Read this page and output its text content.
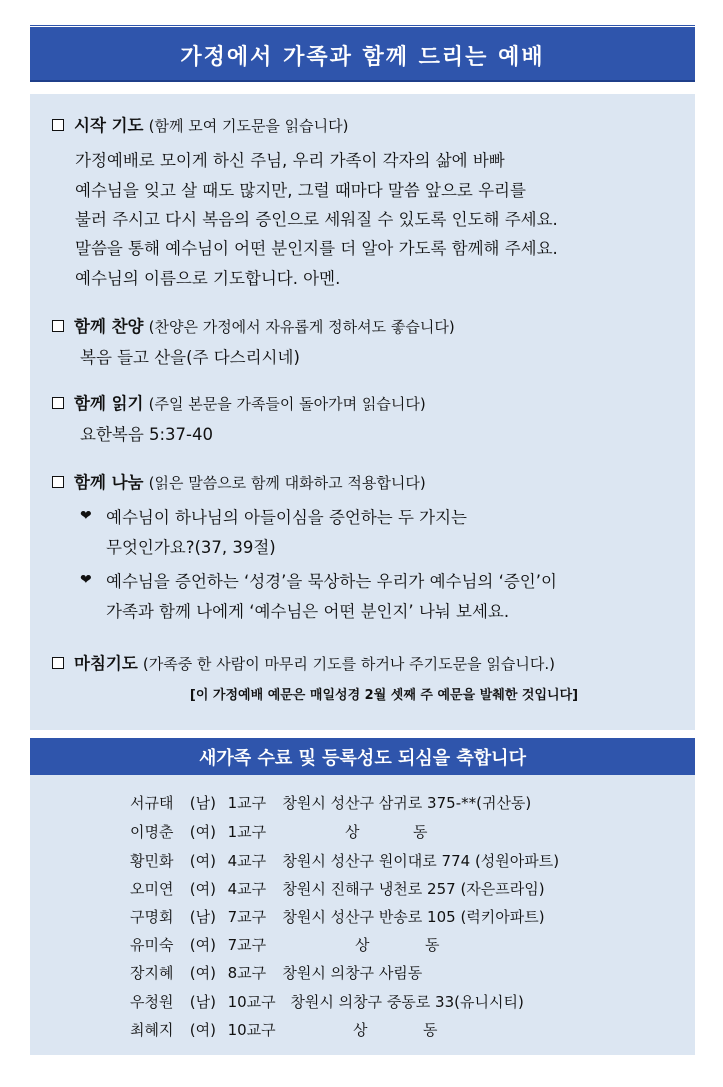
가정에서 가족과 함께 드리는 예배
시작 기도 (함께 모여 기도문을 읽습니다)
가정예배로 모이게 하신 주님, 우리 가족이 각자의 삶에 바빠
예수님을 잊고 살 때도 많지만, 그럴 때마다 말씀 앞으로 우리를
불러 주시고 다시 복음의 증인으로 세워질 수 있도록 인도해 주세요.
말씀을 통해 예수님이 어떤 분인지를 더 알아 가도록 함께해 주세요.
예수님의 이름으로 기도합니다. 아멘.
함께 찬양 (찬양은 가정에서 자유롭게 정하셔도 좋습니다)
복음 들고 산을(주 다스리시네)
함께 읽기 (주일 본문을 가족들이 돌아가며 읽습니다)
요한복음 5:37-40
함께 나눔 (읽은 말씀으로 함께 대화하고 적용합니다)
❤ 예수님이 하나님의 아들이심을 증언하는 두 가지는
무엇인가요?(37, 39절)
❤ 예수님을 증언하는 ‘성경’을 묵상하는 우리가 예수님의 ‘증인’이
가족과 함께 나에게 ‘예수님은 어떤 분인지’ 나눠 보세요.
마침기도 (가족중 한 사람이 마무리 기도를 하거나 주기도문을 읽습니다.)
[이 가정예배 예문은 매일성경 2월 셋째 주 예문을 발췌한 것입니다]
새가족 수료 및 등록성도 되심을 축합니다
서규태 (남) 1교구 창원시 성산구 삼귀로 375-**(귀산동)
이명춘 (여) 1교구	상	동
황민화 (여) 4교구 창원시 성산구 원이대로 774 (성원아파트)
오미연 (여) 4교구 창원시 진해구 냉천로 257 (자은프라임)
구명회 (남) 7교구 창원시 성산구 반송로 105 (럭키아파트)
유미숙 (여) 7교구	상	동
장지혜 (여) 8교구 창원시 의창구 사림동
우청원 (남) 10교구 창원시 의창구 중동로 33(유니시티)
최혜지 (여) 10교구	상	동
